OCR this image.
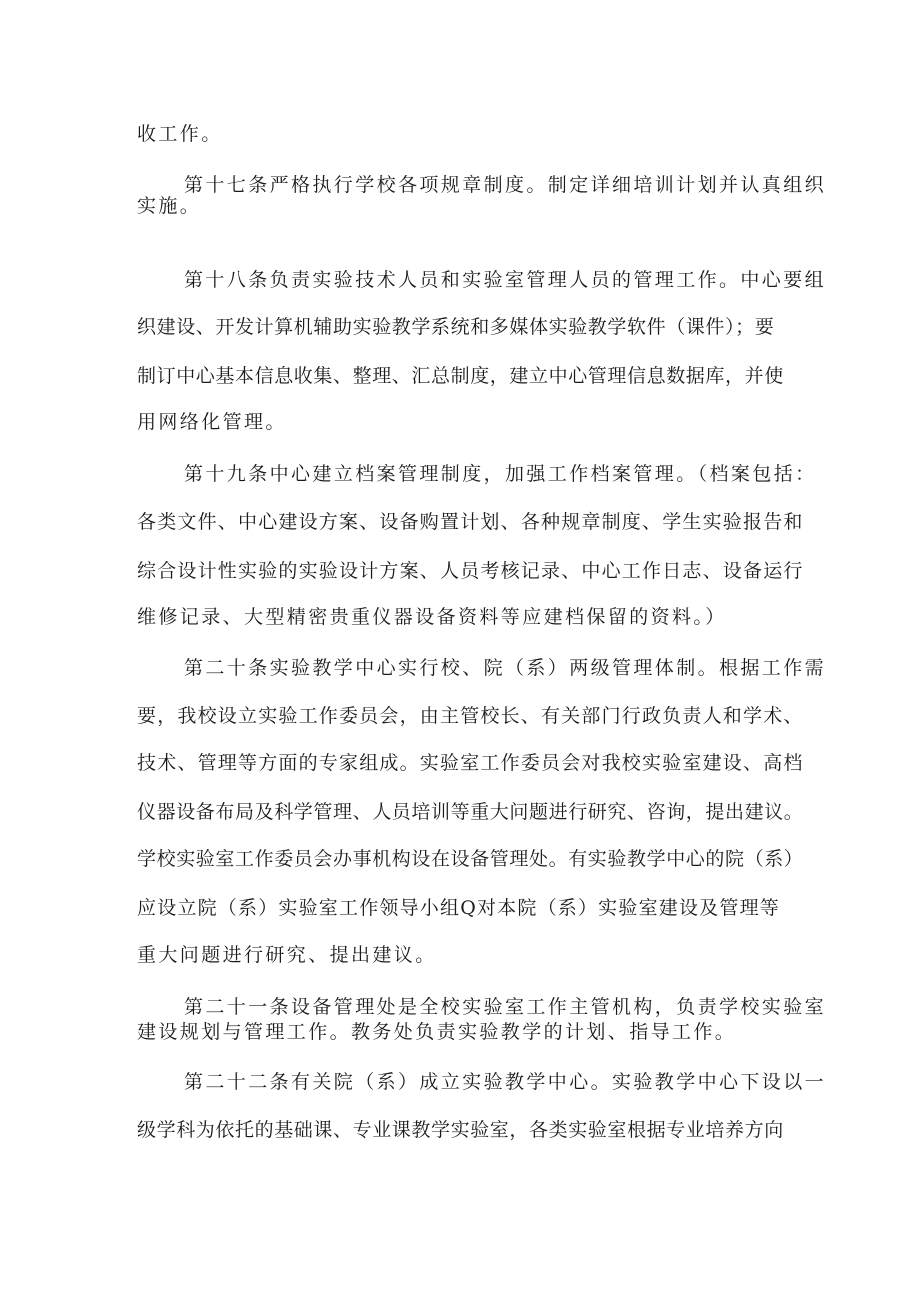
收工作。
第十七条严格执行学校各项规章制度。制定详细培训计划并认真组织
实施。
第十八条负责实验技术人员和实验室管理人员的管理工作。中心要组
织建设、开发计算机辅助实验教学系统和多媒体实验教学软件（课件）；要
制订中心基本信息收集、整理、汇总制度，建立中心管理信息数据库，并使
用网络化管理。
第十九条中心建立档案管理制度，加强工作档案管理。（档案包括：
各类文件、中心建设方案、设备购置计划、各种规章制度、学生实验报告和
综合设计性实验的实验设计方案、人员考核记录、中心工作日志、设备运行
维修记录、大型精密贵重仪器设备资料等应建档保留的资料。）
第二十条实验教学中心实行校、院（系）两级管理体制。根据工作需
要，我校设立实验工作委员会，由主管校长、有关部门行政负责人和学术、
技术、管理等方面的专家组成。实验室工作委员会对我校实验室建设、高档
仪器设备布局及科学管理、人员培训等重大问题进行研究、咨询，提出建议。
学校实验室工作委员会办事机构设在设备管理处。有实验教学中心的院（系）
应设立院（系）实验室工作领导小组Q对本院（系）实验室建设及管理等
重大问题进行研究、提出建议。
第二十一条设备管理处是全校实验室工作主管机构，负责学校实验室
建设规划与管理工作。教务处负责实验教学的计划、指导工作。
第二十二条有关院（系）成立实验教学中心。实验教学中心下设以一
级学科为依托的基础课、专业课教学实验室，各类实验室根据专业培养方向
